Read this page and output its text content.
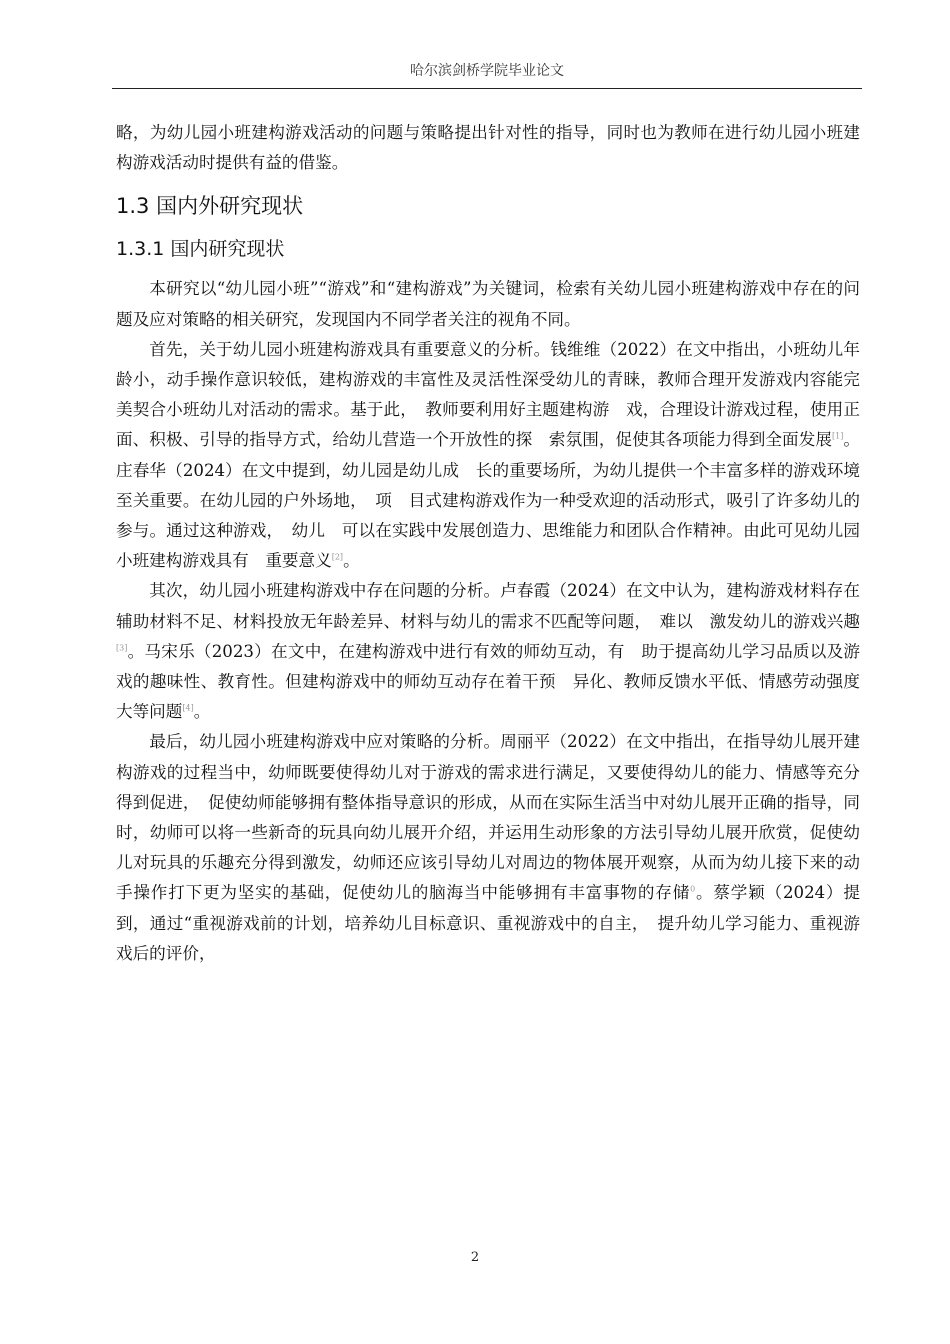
哈尔滨剑桥学院毕业论文

略，为幼儿园小班建构游戏活动的问题与策略提出针对性的指导，同时也为教师在进行幼儿园小班建构游戏活动时提供有益的借鉴。

1.3 国内外研究现状
1.3.1 国内研究现状

本研究以“幼儿园小班”“游戏”和“建构游戏”为关键词，检索有关幼儿园小班建构游戏中存在的问题及应对策略的相关研究，发现国内不同学者关注的视角不同。

首先，关于幼儿园小班建构游戏具有重要意义的分析。钱维维（2022）在文中指出，小班幼儿年龄小，动手操作意识较低，建构游戏的丰富性及灵活性深受幼儿的青睐，教师合理开发游戏内容能完美契合小班幼儿对活动的需求。基于此，　教师要利用好主题建构游　戏，合理设计游戏过程，使用正面、积极、引导的指导方式，给幼儿营造一个开放性的探　索氛围，促使其各项能力得到全面发展[1]。庄春华（2024）在文中提到，幼儿园是幼儿成　长的重要场所，为幼儿提供一个丰富多样的游戏环境至关重要。在幼儿园的户外场地，　项　目式建构游戏作为一种受欢迎的活动形式，吸引了许多幼儿的参与。通过这种游戏，　幼儿　可以在实践中发展创造力、思维能力和团队合作精神。由此可见幼儿园小班建构游戏具有　重要意义[2]。

其次，幼儿园小班建构游戏中存在问题的分析。卢春霞（2024）在文中认为，建构游戏材料存在辅助材料不足、材料投放无年龄差异、材料与幼儿的需求不匹配等问题，　难以　激发幼儿的游戏兴趣[3]。马宋乐（2023）在文中，在建构游戏中进行有效的师幼互动，有　助于提高幼儿学习品质以及游戏的趣味性、教育性。但建构游戏中的师幼互动存在着干预　异化、教师反馈水平低、情感劳动强度大等问题[4]。

最后，幼儿园小班建构游戏中应对策略的分析。周丽平（2022）在文中指出，在指导幼儿展开建构游戏的过程当中，幼师既要使得幼儿对于游戏的需求进行满足，又要使得幼儿的能力、情感等充分得到促进，　促使幼师能够拥有整体指导意识的形成，从而在实际生活当中对幼儿展开正确的指导，同时，幼师可以将一些新奇的玩具向幼儿展开介绍，并运用生动形象的方法引导幼儿展开欣赏，促使幼儿对玩具的乐趣充分得到激发，幼师还应该引导幼儿对周边的物体展开观察，从而为幼儿接下来的动手操作打下更为坚实的基础，促使幼儿的脑海当中能够拥有丰富事物的存储$^0$。蔡学颖（2024）提到，通过“重视游戏前的计划，培养幼儿目标意识、重视游戏中的自主，　提升幼儿学习能力、重视游戏后的评价，

2
